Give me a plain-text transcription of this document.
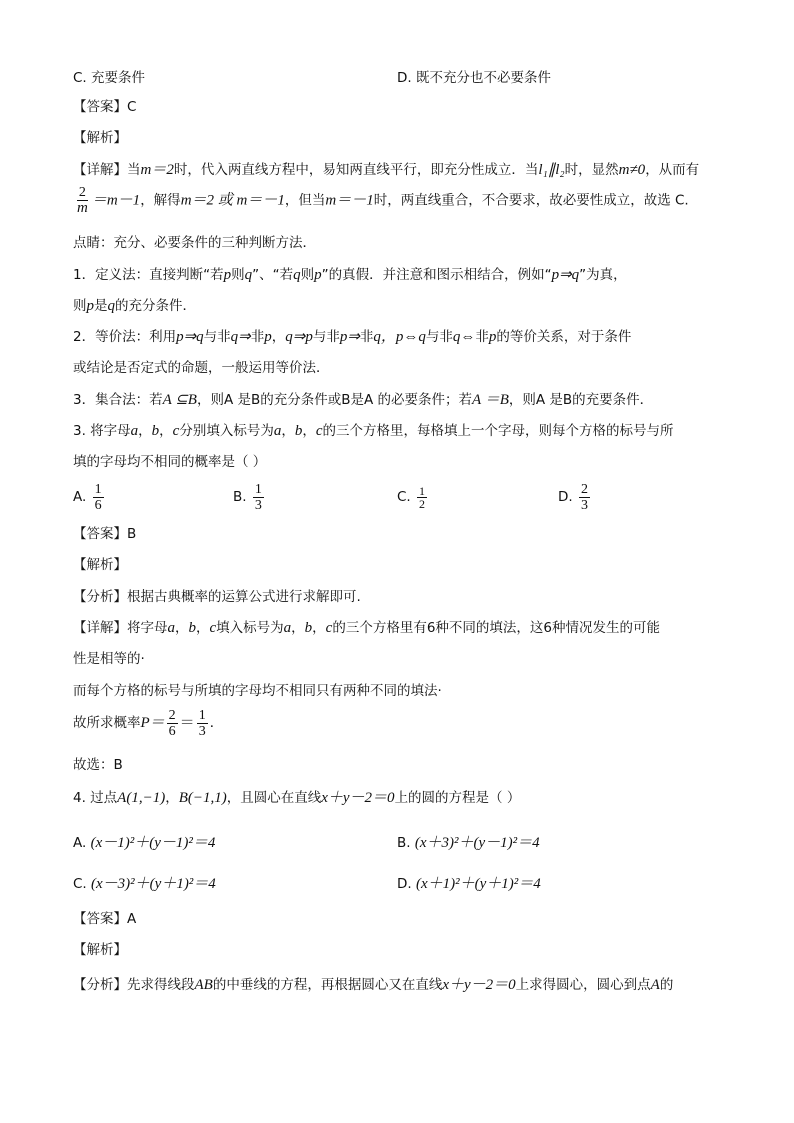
C. 充要条件	D. 既不充分也不必要条件
【答案】C
【解析】
【详解】当m＝2时，代入两直线方程中，易知两直线平行，即充分性成立．当l₁∥l₂时，显然m≠0，从而有
$\frac{2}{m} =m-1$，解得m＝2 或 m＝－1，但当m＝－1时，两直线重合，不合要求，故必要性成立，故选 C.
点睛：充分、必要条件的三种判断方法．
1．定义法：直接判断“若p则q”、“若q则p”的真假．并注意和图示相结合，例如“p⇒q”为真，
则p是q的充分条件．
2．等价法：利用p⇒q与非q⇒非p，q⇒p与非p⇒非q，p⇔q与非q⇔非p的等价关系，对于条件
或结论是否定式的命题，一般运用等价法．
3．集合法：若A ⊆B，则A 是B的充分条件或B是A 的必要条件；若A ＝B，则A 是B的充要条件．
3. 将字母a，b，c分别填入标号为a，b，c的三个方格里，每格填上一个字母，则每个方格的标号与所
填的字母均不相同的概率是（ ）
A. $\frac{1}{6}$	B. $\frac{1}{3}$	C. $\frac{1}{2}$	D. $\frac{2}{3}$
【答案】B
【解析】
【分析】根据古典概率的运算公式进行求解即可.
【详解】将字母a，b，c填入标号为a，b，c的三个方格里有6种不同的填法，这6种情况发生的可能
性是相等的·
而每个方格的标号与所填的字母均不相同只有两种不同的填法·
故所求概率$P= \frac{2}{6} = \frac{1}{3}$ ．
故选：B
4. 过点A(1,−1)，B(−1,1)，且圆心在直线x＋y－2＝0上的圆的方程是（ ）
A. (x－1)²＋(y－1)²＝4	B. (x＋3)²＋(y－1)²＝4
C. (x－3)²＋(y＋1)²＝4	D. (x＋1)²＋(y＋1)²＝4
【答案】A
【解析】
【分析】先求得线段AB的中垂线的方程，再根据圆心又在直线x＋y－2＝0上求得圆心，圆心到点A的
